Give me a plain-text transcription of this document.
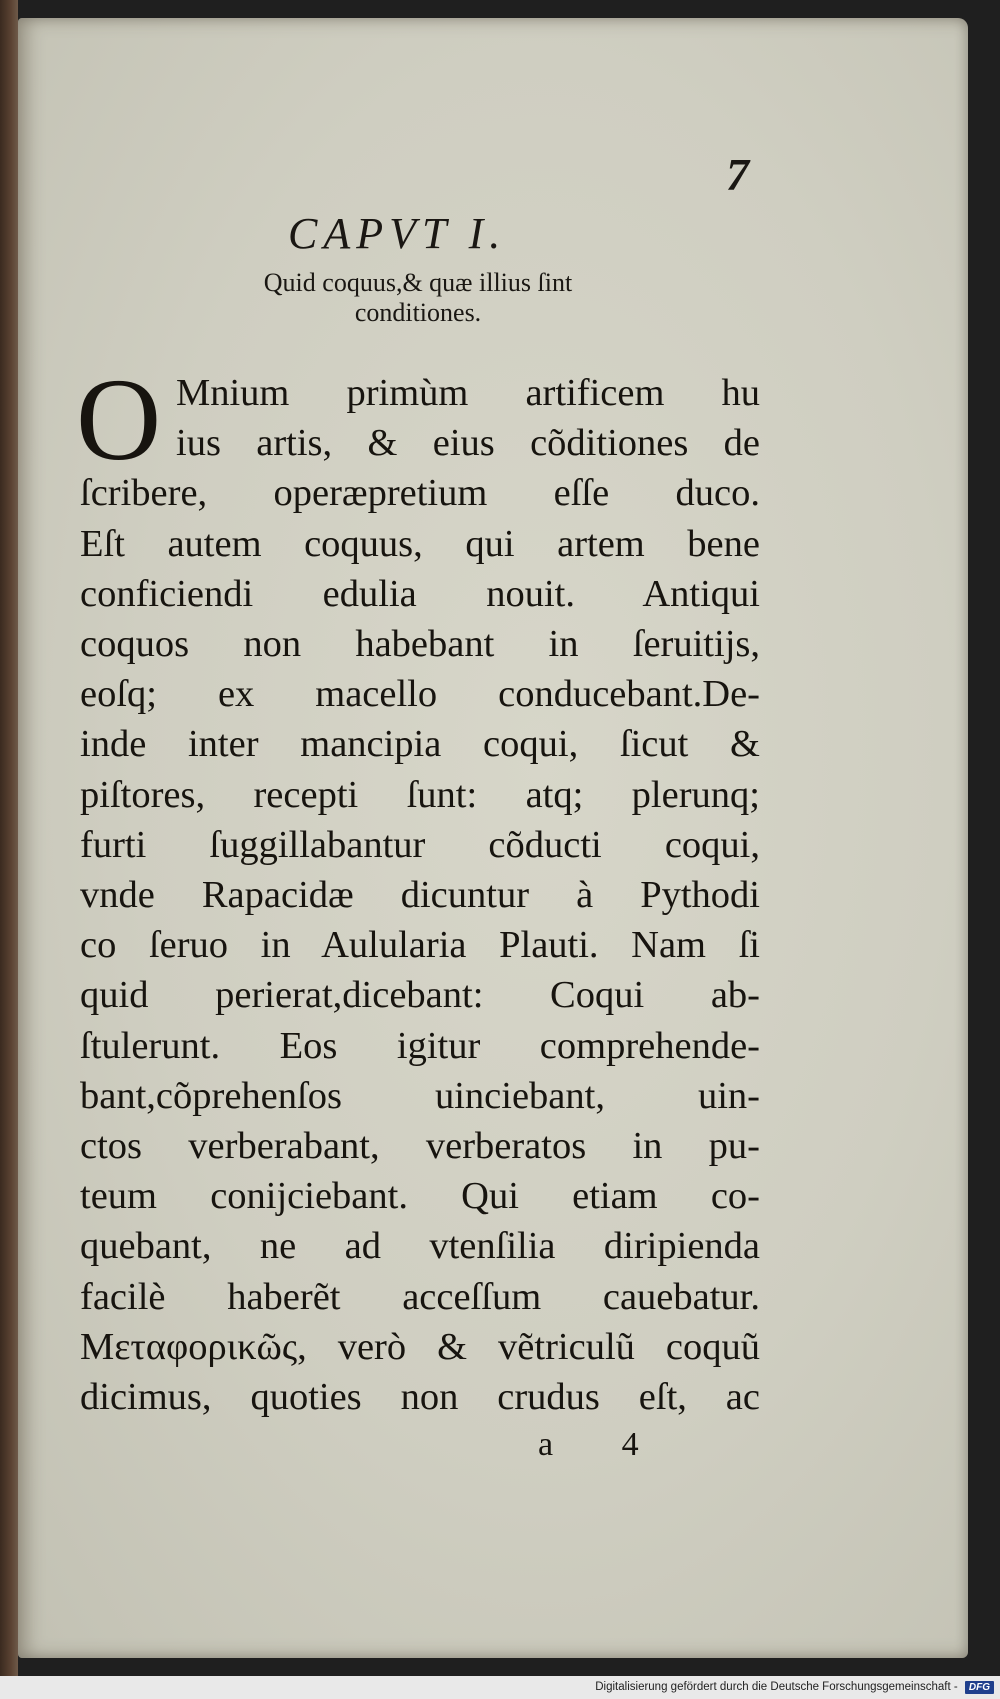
7
CAPVT I.
Quid coquus,& quæ illius ſint
conditiones.
O Mnium primùm artificem hu
ius artis, & eius cõditiones de
ſcribere, operæpretium eſſe duco.
Eſt autem coquus, qui artem bene
conficiendi edulia nouit. Antiqui
coquos non habebant in ſeruitijs,
eoſq; ex macello conducebant.De-
inde inter mancipia coqui, ſicut &
piſtores, recepti ſunt: atq; plerunq;
furti ſuggillabantur cõducti coqui,
vnde Rapacidæ dicuntur à Pythodi
co ſeruo in Aulularia Plauti. Nam ſi
quid perierat,dicebant: Coqui ab-
ſtulerunt. Eos igitur comprehende-
bant,cõprehenſos uinciebant, uin-
ctos verberabant, verberatos in pu-
teum conijciebant. Qui etiam co-
quebant, ne ad vtenſilia diripienda
facilè haberẽt acceſſum cauebatur.
Μεταφορικῶς, verò & vẽtriculũ coquũ
dicimus, quoties non crudus eſt, ac
a 4
Digitalisierung gefördert durch die Deutsche Forschungsgemeinschaft - DFG
